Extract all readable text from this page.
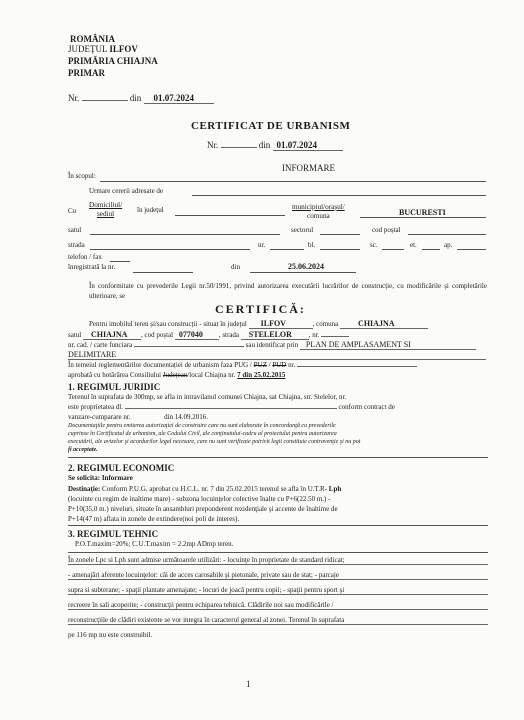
ROMÂNIA
JUDEȚUL ILFOV
PRIMĂRIA CHIAJNA
PRIMAR
Nr.	din 01.07.2024
CERTIFICAT DE URBANISM
Nr.	din 01.07.2024
INFORMARE
În scopul:
Urmare cererii adresate de
Cu
Domiciliul/
sediul	în județul	municipiul/orașul/
comuna	BUCURESTI
satul	sectorul	cod poștal
strada	nr.	bl.	sc.	et.	ap.
telefon / fax
înregistrată la nr.	din	25.06.2024
În conformitate cu prevederile Legii nr.50/1991, privind autorizarea executării lucrărilor de construcție, cu modificările și completările ulterioare, se
CERTIFICĂ:
Pentru imobilul teren și/sau construcții - situat în județul ILFOV	, comuna CHIAJNA
satul CHIAJNA , cod poștal 077040 , strada STELELOR , nr.
nr. cad. / carte funciara	sau identificat prin PLAN DE AMPLASAMENT SI
DELIMITARE
În temeiul reglementărilor documentației de urbanism faza PUG / PUZ / PUD nr.
aprobată cu hotărârea Consiliului Județean/local Chiajna nr. 7 din 25.02.2015
1. REGIMUL JURIDIC
Terenul în suprafata de 300mp, se afla in intravilanul comunei Chiajna, sat Chiajna, str. Stelelor, nr.
este proprietatea dl.	conform contract de
vanzare-cumparare nr.	din 14.09.2016.
Documentaţiile pentru emiterea autorizaţiei de construire care nu sunt elaborate în concordanţă cu prevederile
cuprinse în Certificatul de urbanism, ale Codului Civil, ale conţinutului-cadru al proiectului pentru autorizarea
executării, ale avizelor şi acordurilor legal necesare, care nu sunt verificate potrivit legii constituie contravenţie şi nu pot
fi acceptate.
2. REGIMUL ECONOMIC
Se solicita: Informare
Destinaţie: Conform P.U.G. aprobat cu H.C.L. nr. 7 din 25.02.2015 terenul se afla în U.T.R- Lph
(locuinte cu regim de inaltime mare) - subzona locuinţelor colective înalte cu P+6(22.50 m.) -
P+10(35,0 m.) niveluri, situate în ansambluri preponderent rezidenţiale şi accente de înaltime de
P+14(47 m) aflata in zonele de extindere(noi poli de interes).
3. REGIMUL TEHNIC
P.O.T.maxim=20%; C.U.T.maxim = 2.2mp ADmp teren.
În zonele Lpc si Lph sunt admise următoarele utilizări: - locuinţe în proprietate de standard ridicat;
- amenajări aferente locuinţelor: căi de acces carosabile şi pietonale, private sau de stat; - parcaje
supra si subterane; - spaţii plantate amenajate; - locuri de joacă pentru copii; - spaţii pentru sport şi
recreere în sali acoperite; - construcţii pentru echiparea tehnică. Clădirile noi sau modificările /
reconstrucţiile de clădiri existente se vor integra în caracterul general al zonei. Terenul în suprafata
pe 116 mp nu este construibil.
1
